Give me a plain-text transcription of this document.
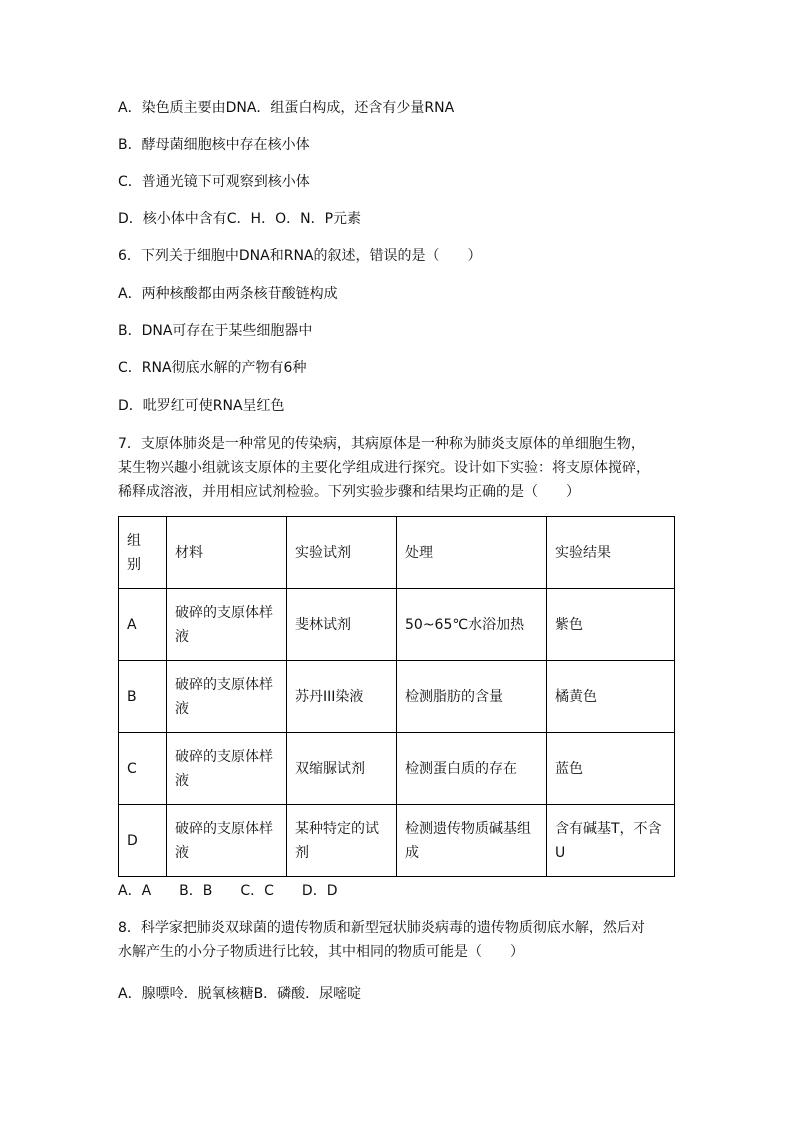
A．染色质主要由DNA．组蛋白构成，还含有少量RNA
B．酵母菌细胞核中存在核小体
C．普通光镜下可观察到核小体
D．核小体中含有C．H．O．N．P元素
6．下列关于细胞中DNA和RNA的叙述，错误的是（　　）
A．两种核酸都由两条核苷酸链构成
B．DNA可存在于某些细胞器中
C．RNA彻底水解的产物有6种
D．吡罗红可使RNA呈红色
7．支原体肺炎是一种常见的传染病，其病原体是一种称为肺炎支原体的单细胞生物，
某生物兴趣小组就该支原体的主要化学组成进行探究。设计如下实验：将支原体搅碎，
稀释成溶液，并用相应试剂检验。下列实验步骤和结果均正确的是（　　）
组别	材料	实验试剂	处理	实验结果
A	破碎的支原体样液	斐林试剂	50~65℃水浴加热	紫色
B	破碎的支原体样液	苏丹III染液	检测脂肪的含量	橘黄色
C	破碎的支原体样液	双缩脲试剂	检测蛋白质的存在	蓝色
D	破碎的支原体样液	某种特定的试剂	检测遗传物质碱基组成	含有碱基T，不含U
A．A　　B．B　　C．C　　D．D
8．科学家把肺炎双球菌的遗传物质和新型冠状肺炎病毒的遗传物质彻底水解，然后对
水解产生的小分子物质进行比较，其中相同的物质可能是（　　）
A．腺嘌呤．脱氧核糖B．磷酸．尿嘧啶
